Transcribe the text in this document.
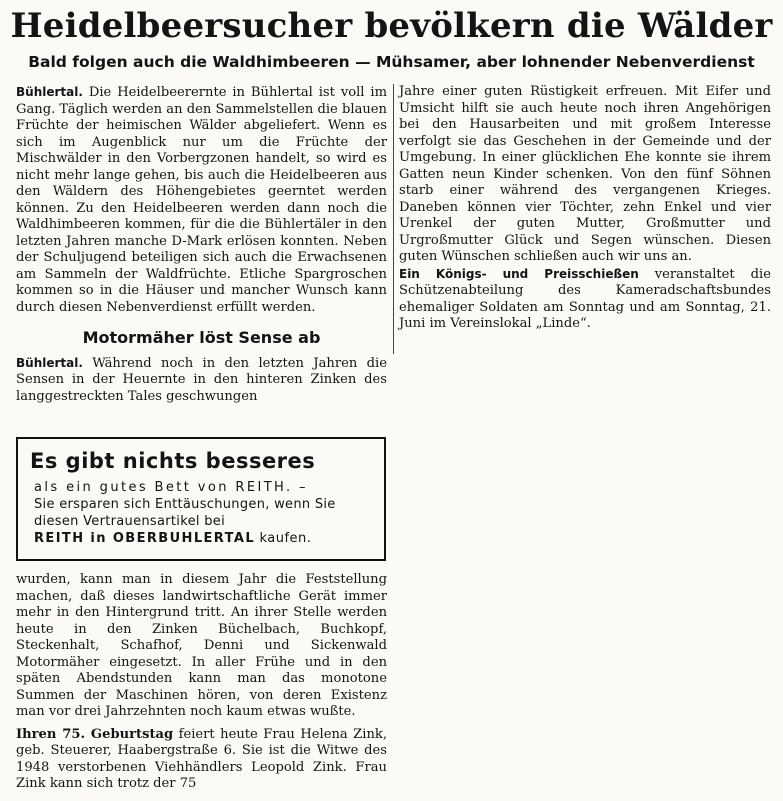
Heidelbeersucher bevölkern die Wälder
Bald folgen auch die Waldhimbeeren — Mühsamer, aber lohnender Nebenverdienst

Bühlertal. Die Heidelbeerernte in Bühlertal ist voll im Gang. Täglich werden an den Sammelstellen die blauen Früchte der heimischen Wälder abgeliefert. Wenn es sich im Augenblick nur um die Früchte der Mischwälder in den Vorbergzonen handelt, so wird es nicht mehr lange gehen, bis auch die Heidelbeeren aus den Wäldern des Höhengebietes geerntet werden können. Zu den Heidelbeeren werden dann noch die Waldhimbeeren kommen, für die die Bühlertäler in den letzten Jahren manche D-Mark erlösen konnten. Neben der Schuljugend beteiligen sich auch die Erwachsenen am Sammeln der Waldfrüchte. Etliche Spargroschen kommen so in die Häuser und mancher Wunsch kann durch diesen Nebenverdienst erfüllt werden.

Motormäher löst Sense ab

Bühlertal. Während noch in den letzten Jahren die Sensen in der Heuernte in den hinteren Zinken des langgestreckten Tales geschwungen

Es gibt nichts besseres
als ein gutes Bett von REITH. –
Sie ersparen sich Enttäuschungen, wenn Sie
diesen Vertrauensartikel bei
REITH in OBERBUHLERTAL kaufen.

wurden, kann man in diesem Jahr die Feststellung machen, daß dieses landwirtschaftliche Gerät immer mehr in den Hintergrund tritt. An ihrer Stelle werden heute in den Zinken Büchelbach, Buchkopf, Steckenhalt, Schafhof, Denni und Sickenwald Motormäher eingesetzt. In aller Frühe und in den späten Abendstunden kann man das monotone Summen der Maschinen hören, von deren Existenz man vor drei Jahrzehnten noch kaum etwas wußte.

Ihren 75. Geburtstag feiert heute Frau Helena Zink, geb. Steuerer, Haabergstraße 6. Sie ist die Witwe des 1948 verstorbenen Viehhändlers Leopold Zink. Frau Zink kann sich trotz der 75

Jahre einer guten Rüstigkeit erfreuen. Mit Eifer und Umsicht hilft sie auch heute noch ihren Angehörigen bei den Hausarbeiten und mit großem Interesse verfolgt sie das Geschehen in der Gemeinde und der Umgebung. In einer glücklichen Ehe konnte sie ihrem Gatten neun Kinder schenken. Von den fünf Söhnen starb einer während des vergangenen Krieges. Daneben können vier Töchter, zehn Enkel und vier Urenkel der guten Mutter, Großmutter und Urgroßmutter Glück und Segen wünschen. Diesen guten Wünschen schließen auch wir uns an.

Ein Königs- und Preisschießen veranstaltet die Schützenabteilung des Kameradschaftsbundes ehemaliger Soldaten am Sonntag und am Sonntag, 21. Juni im Vereinslokal „Linde“.
